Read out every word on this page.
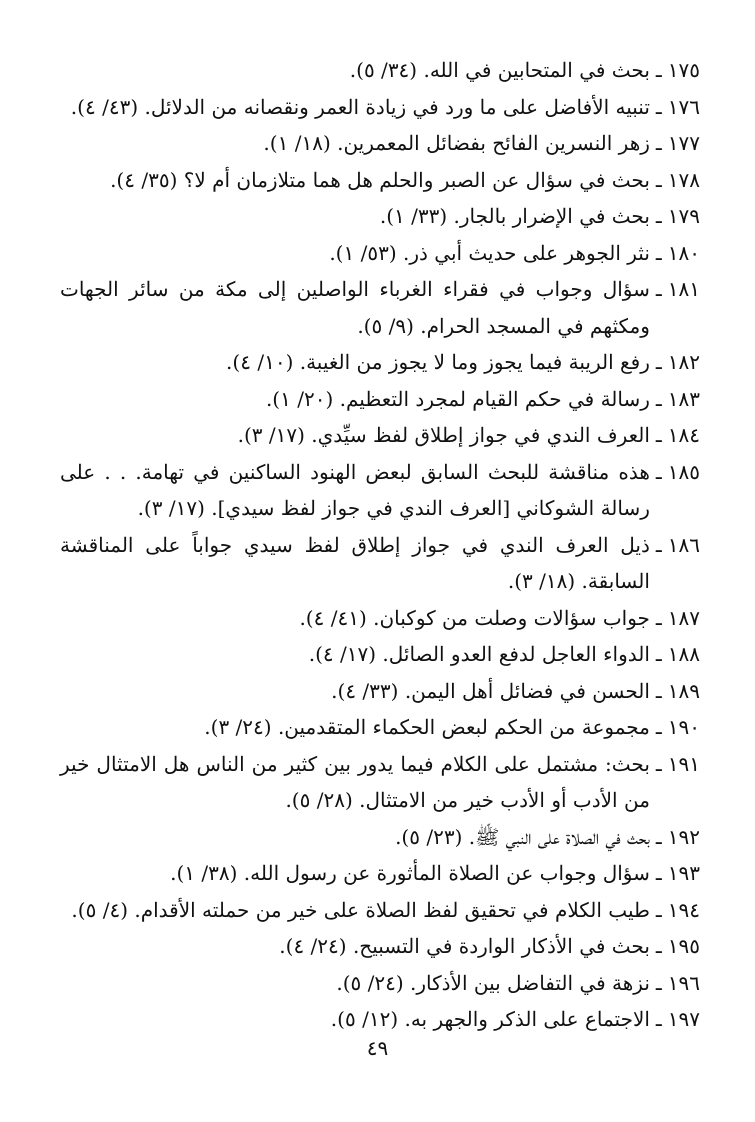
١٧٥
ـ
بحث في المتحابين في الله. (٣٤/ ٥).
١٧٦
ـ
تنبيه الأفاضل على ما ورد في زيادة العمر ونقصانه من الدلائل. (٤٣/ ٤).
١٧٧
ـ
زهر النسرين الفائح بفضائل المعمرين. (١٨/ ١).
١٧٨
ـ
بحث في سؤال عن الصبر والحلم هل هما متلازمان أم لا؟ (٣٥/ ٤).
١٧٩
ـ
بحث في الإضرار بالجار. (٣٣/ ١).
١٨٠
ـ
نثر الجوهر على حديث أبي ذر. (٥٣/ ١).
١٨١
ـ
سؤال وجواب في فقراء الغرباء الواصلين إلى مكة من سائر الجهات ومكثهم في المسجد الحرام. (٩/ ٥).
١٨٢
ـ
رفع الريبة فيما يجوز وما لا يجوز من الغيبة. (١٠/ ٤).
١٨٣
ـ
رسالة في حكم القيام لمجرد التعظيم. (٢٠/ ١).
١٨٤
ـ
العرف الندي في جواز إطلاق لفظ سيِّدي. (١٧/ ٣).
١٨٥
ـ
هذه مناقشة للبحث السابق لبعض الهنود الساكنين في تهامة. . . على رسالة الشوكاني [العرف الندي في جواز لفظ سيدي]. (١٧/ ٣).
١٨٦
ـ
ذيل العرف الندي في جواز إطلاق لفظ سيدي جواباً على المناقشة السابقة. (١٨/ ٣).
١٨٧
ـ
جواب سؤالات وصلت من كوكبان. (٤١/ ٤).
١٨٨
ـ
الدواء العاجل لدفع العدو الصائل. (١٧/ ٤).
١٨٩
ـ
الحسن في فضائل أهل اليمن. (٣٣/ ٤).
١٩٠
ـ
مجموعة من الحكم لبعض الحكماء المتقدمين. (٢٤/ ٣).
١٩١
ـ
بحث: مشتمل على الكلام فيما يدور بين كثير من الناس هل الامتثال خير من الأدب أو الأدب خير من الامتثال. (٢٨/ ٥).
١٩٢
ـ
بحث في الصلاة على النبي ﷺ. (٢٣/ ٥).
١٩٣
ـ
سؤال وجواب عن الصلاة المأثورة عن رسول الله. (٣٨/ ١).
١٩٤
ـ
طيب الكلام في تحقيق لفظ الصلاة على خير من حملته الأقدام. (٤/ ٥).
١٩٥
ـ
بحث في الأذكار الواردة في التسبيح. (٢٤/ ٤).
١٩٦
ـ
نزهة في التفاضل بين الأذكار. (٢٤/ ٥).
١٩٧
ـ
الاجتماع على الذكر والجهر به. (١٢/ ٥).
٤٩
